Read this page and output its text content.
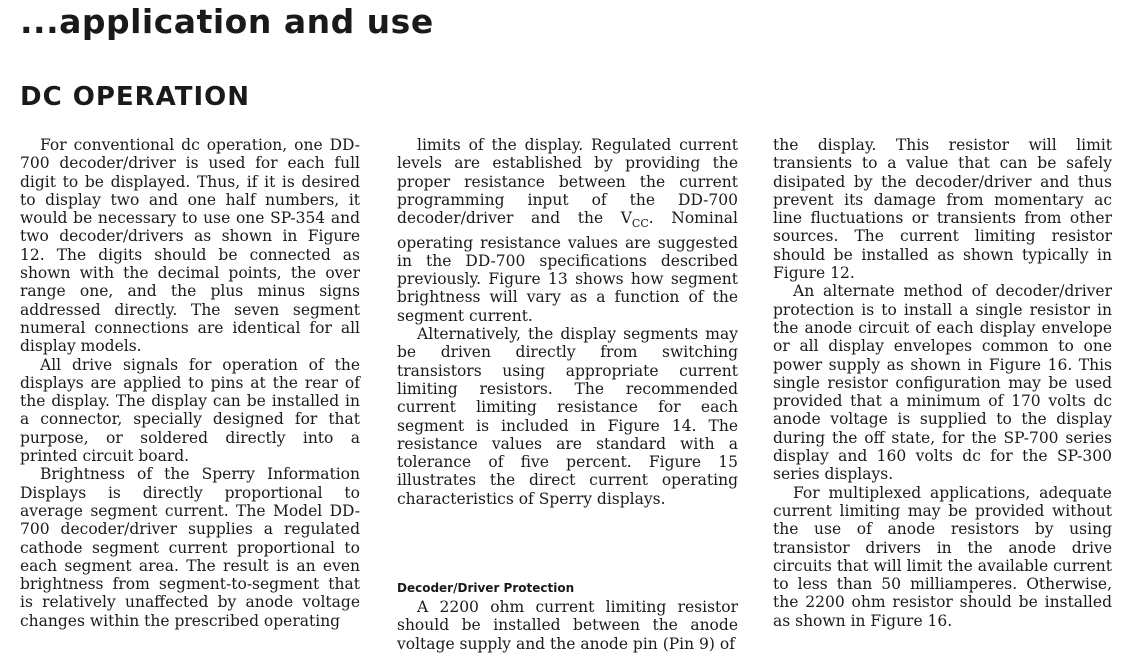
...application and use
DC OPERATION

For conventional dc operation, one DD-700 decoder/driver is used for each full digit to be displayed. Thus, if it is desired to display two and one half numbers, it would be necessary to use one SP-354 and two decoder/drivers as shown in Figure 12. The digits should be connected as shown with the decimal points, the over range one, and the plus minus signs addressed directly. The seven segment numeral connections are identical for all display models.

All drive signals for operation of the displays are applied to pins at the rear of the display. The display can be installed in a connector, specially designed for that purpose, or soldered directly into a printed circuit board.

Brightness of the Sperry Information Displays is directly proportional to average segment current. The Model DD-700 decoder/driver supplies a regulated cathode segment current proportional to each segment area. The result is an even brightness from segment-to-segment that is relatively unaffected by anode voltage changes within the prescribed operating

limits of the display. Regulated current levels are established by providing the proper resistance between the current programming input of the DD-700 decoder/driver and the $V_{CC}$. Nominal operating resistance values are suggested in the DD-700 specifications described previously. Figure 13 shows how segment brightness will vary as a function of the segment current.

Alternatively, the display segments may be driven directly from switching transistors using appropriate current limiting resistors. The recommended current limiting resistance for each segment is included in Figure 14. The resistance values are standard with a tolerance of five percent. Figure 15 illustrates the direct current operating characteristics of Sperry displays.

Decoder/Driver Protection

A 2200 ohm current limiting resistor should be installed between the anode voltage supply and the anode pin (Pin 9) of

the display. This resistor will limit transients to a value that can be safely disipated by the decoder/driver and thus prevent its damage from momentary ac line fluctuations or transients from other sources. The current limiting resistor should be installed as shown typically in Figure 12.

An alternate method of decoder/driver protection is to install a single resistor in the anode circuit of each display envelope or all display envelopes common to one power supply as shown in Figure 16. This single resistor configuration may be used provided that a minimum of 170 volts dc anode voltage is supplied to the display during the off state, for the SP-700 series display and 160 volts dc for the SP-300 series displays.

For multiplexed applications, adequate current limiting may be provided without the use of anode resistors by using transistor drivers in the anode drive circuits that will limit the available current to less than 50 milliamperes. Otherwise, the 2200 ohm resistor should be installed as shown in Figure 16.
